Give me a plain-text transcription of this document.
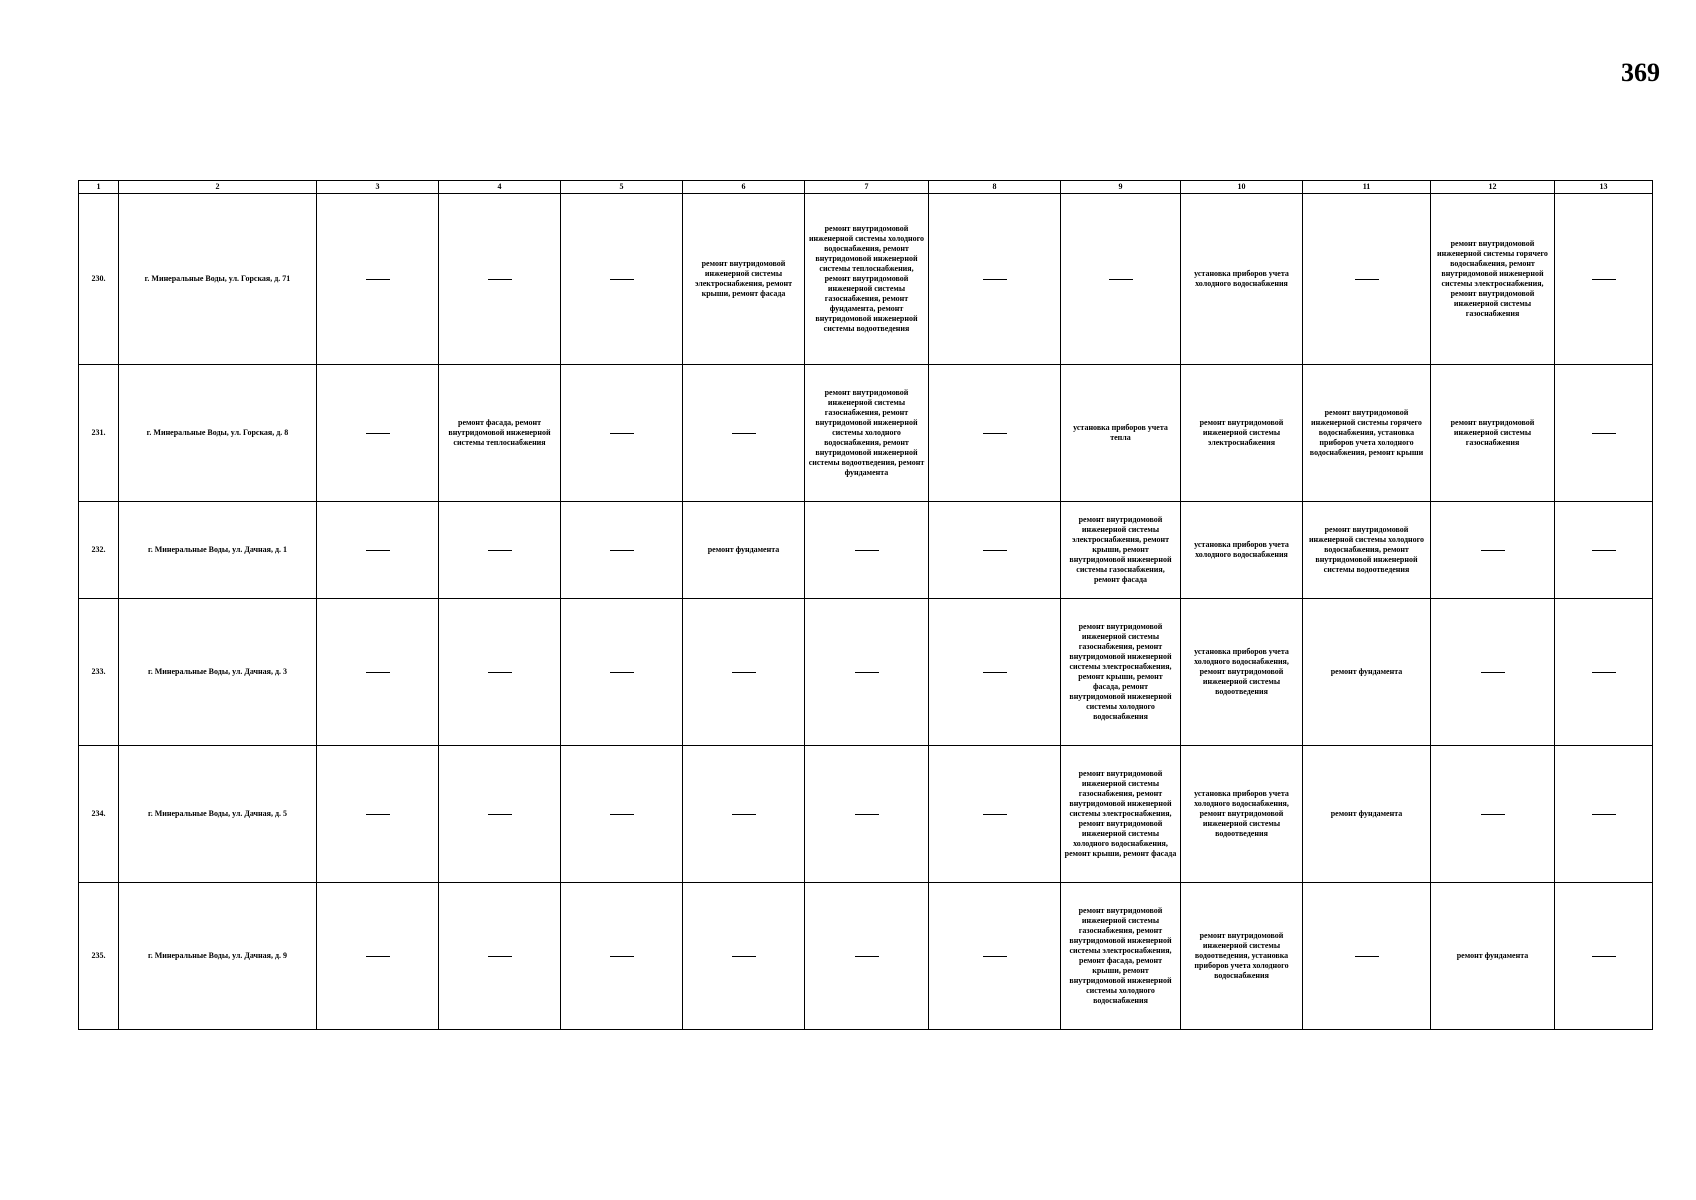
369
1	2	3	4	5	6	7	8	9	10	11	12	13
230.	г. Минеральные Воды, ул. Горская, д. 71				ремонт внутридомовой инженерной системы электроснабжения, ремонт крыши, ремонт фасада	ремонт внутридомовой инженерной системы холодного водоснабжения, ремонт внутридомовой инженерной системы теплоснабжения, ремонт внутридомовой инженерной системы газоснабжения, ремонт фундамента, ремонт внутридомовой инженерной системы водоотведения			установка приборов учета холодного водоснабжения		ремонт внутридомовой инженерной системы горячего водоснабжения, ремонт внутридомовой инженерной системы электроснабжения, ремонт внутридомовой инженерной системы газоснабжения	
231.	г. Минеральные Воды, ул. Горская, д. 8		ремонт фасада, ремонт внутридомовой инженерной системы теплоснабжения			ремонт внутридомовой инженерной системы газоснабжения, ремонт внутридомовой инженерной системы холодного водоснабжения, ремонт внутридомовой инженерной системы водоотведения, ремонт фундамента		установка приборов учета тепла	ремонт внутридомовой инженерной системы электроснабжения	ремонт внутридомовой инженерной системы горячего водоснабжения, установка приборов учета холодного водоснабжения, ремонт крыши	ремонт внутридомовой инженерной системы газоснабжения	
232.	г. Минеральные Воды, ул. Дачная, д. 1				ремонт фундамента			ремонт внутридомовой инженерной системы электроснабжения, ремонт крыши, ремонт внутридомовой инженерной системы газоснабжения, ремонт фасада	установка приборов учета холодного водоснабжения	ремонт внутридомовой инженерной системы холодного водоснабжения, ремонт внутридомовой инженерной системы водоотведения		
233.	г. Минеральные Воды, ул. Дачная, д. 3							ремонт внутридомовой инженерной системы газоснабжения, ремонт внутридомовой инженерной системы электроснабжения, ремонт крыши, ремонт фасада, ремонт внутридомовой инженерной системы холодного водоснабжения	установка приборов учета холодного водоснабжения, ремонт внутридомовой инженерной системы водоотведения	ремонт фундамента		
234.	г. Минеральные Воды, ул. Дачная, д. 5							ремонт внутридомовой инженерной системы газоснабжения, ремонт внутридомовой инженерной системы электроснабжения, ремонт внутридомовой инженерной системы холодного водоснабжения, ремонт крыши, ремонт фасада	установка приборов учета холодного водоснабжения, ремонт внутридомовой инженерной системы водоотведения	ремонт фундамента		
235.	г. Минеральные Воды, ул. Дачная, д. 9							ремонт внутридомовой инженерной системы газоснабжения, ремонт внутридомовой инженерной системы электроснабжения, ремонт фасада, ремонт крыши, ремонт внутридомовой инженерной системы холодного водоснабжения	ремонт внутридомовой инженерной системы водоотведения, установка приборов учета холодного водоснабжения		ремонт фундамента	
